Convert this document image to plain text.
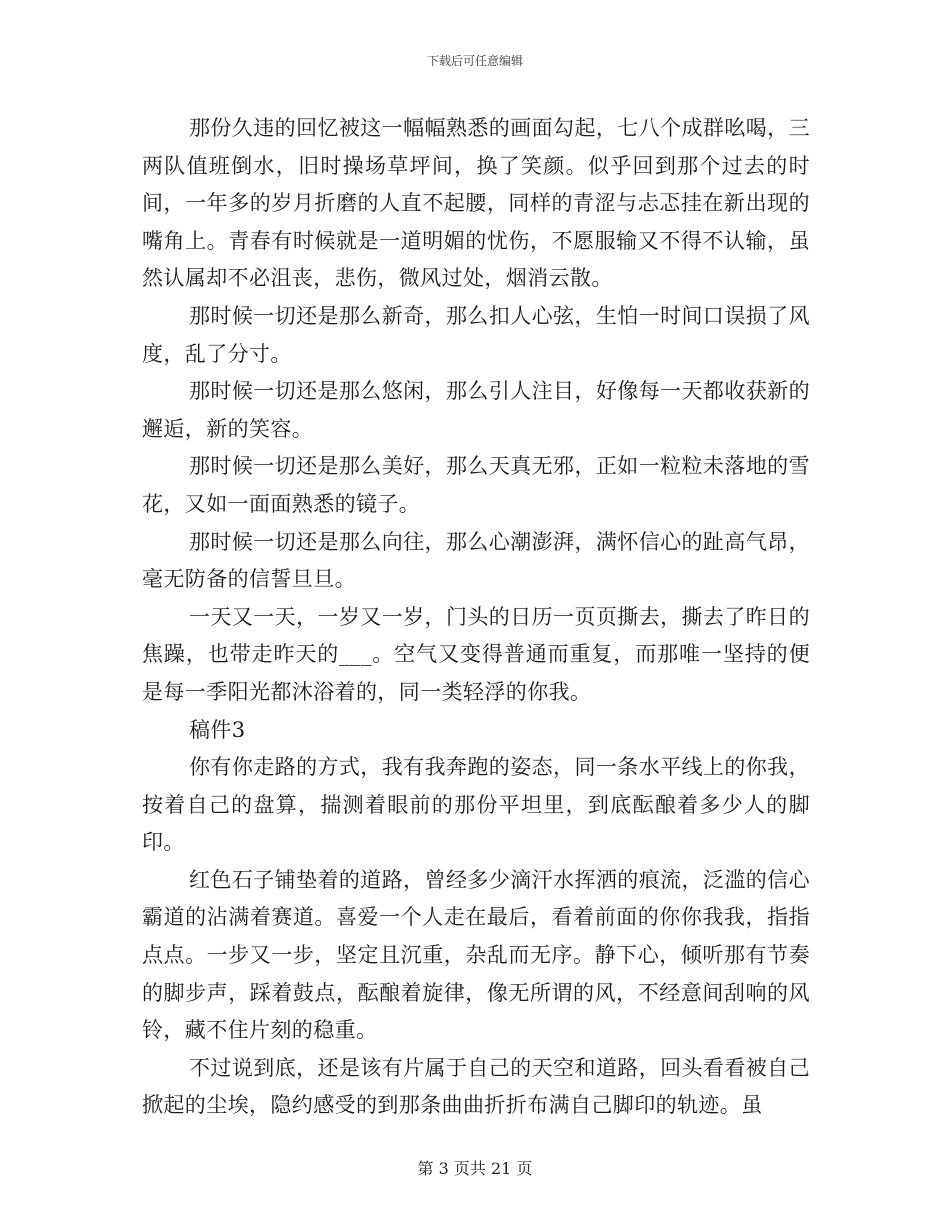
下载后可任意编辑

那份久违的回忆被这一幅幅熟悉的画面勾起，七八个成群吆喝，三两队值班倒水，旧时操场草坪间，换了笑颜。似乎回到那个过去的时间，一年多的岁月折磨的人直不起腰，同样的青涩与忐忑挂在新出现的嘴角上。青春有时候就是一道明媚的忧伤，不愿服输又不得不认输，虽然认属却不必沮丧，悲伤，微风过处，烟消云散。

那时候一切还是那么新奇，那么扣人心弦，生怕一时间口误损了风度，乱了分寸。

那时候一切还是那么悠闲，那么引人注目，好像每一天都收获新的邂逅，新的笑容。

那时候一切还是那么美好，那么天真无邪，正如一粒粒未落地的雪花，又如一面面熟悉的镜子。

那时候一切还是那么向往，那么心潮澎湃，满怀信心的趾高气昂，毫无防备的信誓旦旦。

一天又一天，一岁又一岁，门头的日历一页页撕去，撕去了昨日的焦躁，也带走昨天的___。空气又变得普通而重复，而那唯一坚持的便是每一季阳光都沐浴着的，同一类轻浮的你我。

稿件3

你有你走路的方式，我有我奔跑的姿态，同一条水平线上的你我，按着自己的盘算，揣测着眼前的那份平坦里，到底酝酿着多少人的脚印。

红色石子铺垫着的道路，曾经多少滴汗水挥洒的痕流，泛滥的信心霸道的沾满着赛道。喜爱一个人走在最后，看着前面的你你我我，指指点点。一步又一步，坚定且沉重，杂乱而无序。静下心，倾听那有节奏的脚步声，踩着鼓点，酝酿着旋律，像无所谓的风，不经意间刮响的风铃，藏不住片刻的稳重。

不过说到底，还是该有片属于自己的天空和道路，回头看看被自己掀起的尘埃，隐约感受的到那条曲曲折折布满自己脚印的轨迹。虽

第 3 页共 21 页
